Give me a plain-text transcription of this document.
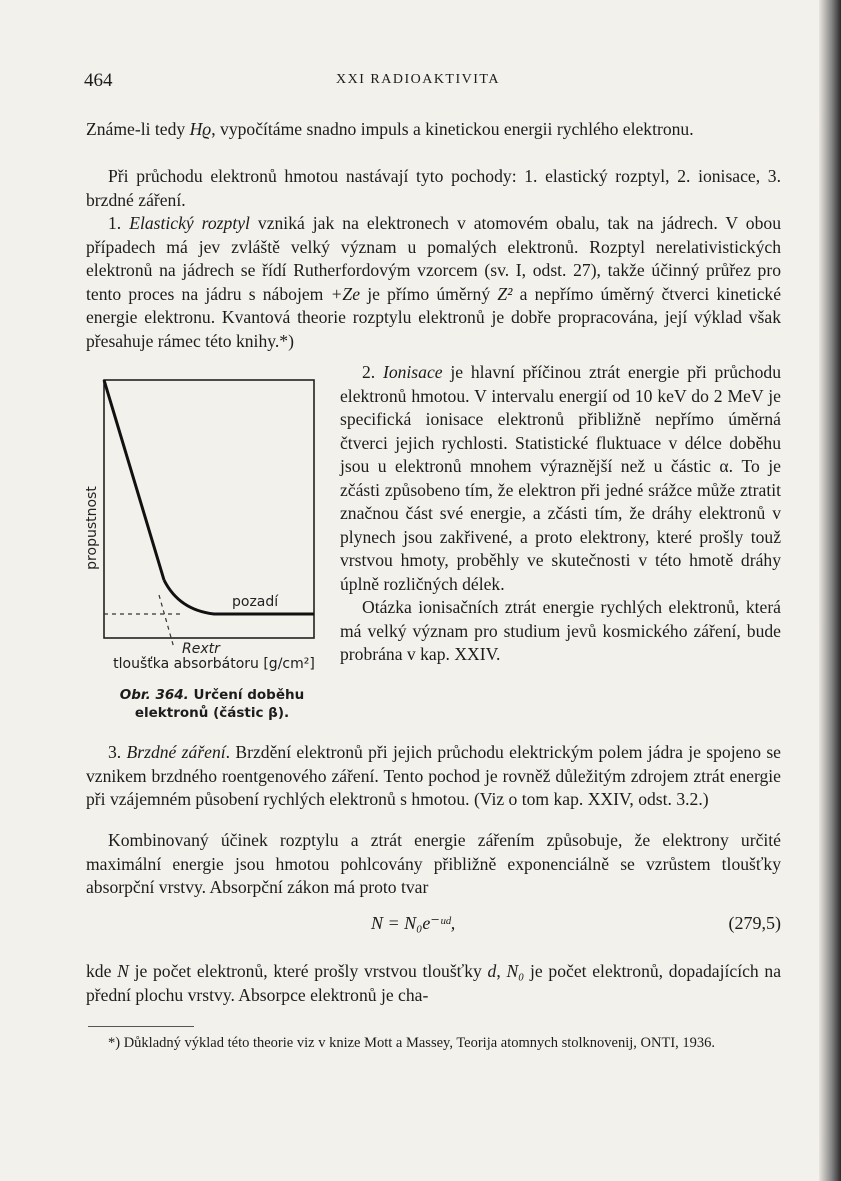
464	XXI RADIOAKTIVITA

Známe-li tedy Hϱ, vypočítáme snadno impuls a kinetickou energii rychlého elektronu.

Při průchodu elektronů hmotou nastávají tyto pochody: 1. elastický rozptyl, 2. ionisace, 3. brzdné záření.

1. Elastický rozptyl vzniká jak na elektronech v atomovém obalu, tak na jádrech. V obou případech má jev zvláště velký význam u pomalých elektronů. Rozptyl nerelativistických elektronů na jádrech se řídí Rutherfordovým vzorcem (sv. I, odst. 27), takže účinný průřez pro tento proces na jádru s nábojem +Ze je přímo úměrný Z² a nepřímo úměrný čtverci kinetické energie elektronu. Kvantová theorie rozptylu elektronů je dobře propracována, její výklad však přesahuje rámec této knihy.*)

propustnost
pozadí
Rextr
tloušťka absorbátoru [g/cm²]
Obr. 364. Určení doběhu elektronů (částic β).

2. Ionisace je hlavní příčinou ztrát energie při průchodu elektronů hmotou. V intervalu energií od 10 keV do 2 MeV je specifická ionisace elektronů přibližně nepřímo úměrná čtverci jejich rychlosti. Statistické fluktuace v délce doběhu jsou u elektronů mnohem výraznější než u částic α. To je zčásti způsobeno tím, že elektron při jedné srážce může ztratit značnou část své energie, a zčásti tím, že dráhy elektronů v plynech jsou zakřivené, a proto elektrony, které prošly touž vrstvou hmoty, proběhly ve skutečnosti v této hmotě dráhy úplně rozličných délek.

Otázka ionisačních ztrát energie rychlých elektronů, která má velký význam pro studium jevů kosmického záření, bude probrána v kap. XXIV.

3. Brzdné záření. Brzdění elektronů při jejich průchodu elektrickým polem jádra je spojeno se vznikem brzdného roentgenového záření. Tento pochod je rovněž důležitým zdrojem ztrát energie při vzájemném působení rychlých elektronů s hmotou. (Viz o tom kap. XXIV, odst. 3.2.)

Kombinovaný účinek rozptylu a ztrát energie zářením způsobuje, že elektrony určité maximální energie jsou hmotou pohlcovány přibližně exponenciálně se vzrůstem tloušťky absorpční vrstvy. Absorpční zákon má proto tvar

N = N₀e⁻ᵘᵈ,	(279,5)

kde N je počet elektronů, které prošly vrstvou tloušťky d, N₀ je počet elektronů, dopadajících na přední plochu vrstvy. Absorpce elektronů je cha-

*) Důkladný výklad této theorie viz v knize Mott a Massey, Teorija atomnych stolknovenij, ONTI, 1936.
